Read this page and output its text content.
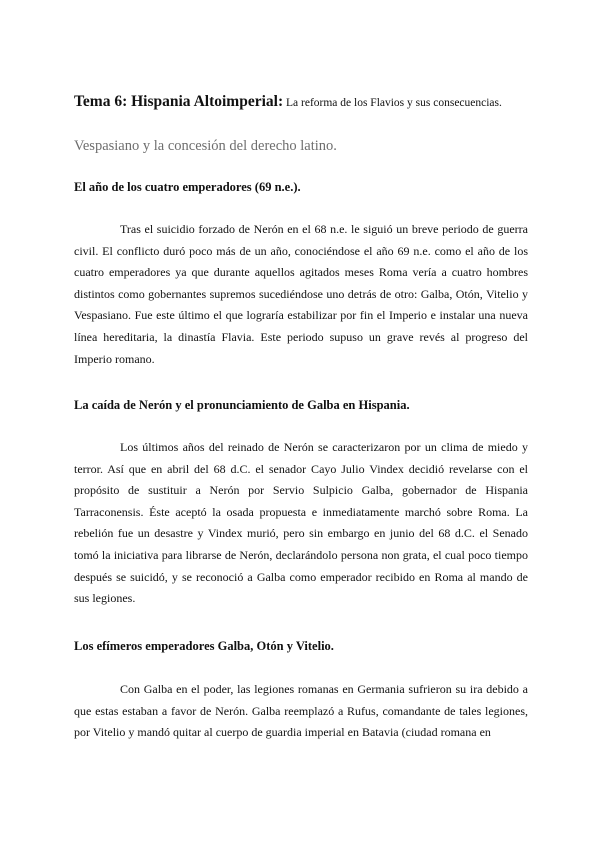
Tema 6: Hispania Altoimperial: La reforma de los Flavios y sus consecuencias.
Vespasiano y la concesión del derecho latino.
El año de los cuatro emperadores (69 n.e.).
Tras el suicidio forzado de Nerón en el 68 n.e. le siguió un breve periodo de guerra civil. El conflicto duró poco más de un año, conociéndose el año 69 n.e. como el año de los cuatro emperadores ya que durante aquellos agitados meses Roma vería a cuatro hombres distintos como gobernantes supremos sucediéndose uno detrás de otro: Galba, Otón, Vitelio y Vespasiano. Fue este último el que lograría estabilizar por fin el Imperio e instalar una nueva línea hereditaria, la dinastía Flavia. Este periodo supuso un grave revés al progreso del Imperio romano.
La caída de Nerón y el pronunciamiento de Galba en Hispania.
Los últimos años del reinado de Nerón se caracterizaron por un clima de miedo y terror. Así que en abril del 68 d.C. el senador Cayo Julio Vindex decidió revelarse con el propósito de sustituir a Nerón por Servio Sulpicio Galba, gobernador de Hispania Tarraconensis. Éste aceptó la osada propuesta e inmediatamente marchó sobre Roma. La rebelión fue un desastre y Vindex murió, pero sin embargo en junio del 68 d.C. el Senado tomó la iniciativa para librarse de Nerón, declarándolo persona non grata, el cual poco tiempo después se suicidó, y se reconoció a Galba como emperador recibido en Roma al mando de sus legiones.
Los efímeros emperadores Galba, Otón y Vitelio.
Con Galba en el poder, las legiones romanas en Germania sufrieron su ira debido a que estas estaban a favor de Nerón. Galba reemplazó a Rufus, comandante de tales legiones, por Vitelio y mandó quitar al cuerpo de guardia imperial en Batavia (ciudad romana en
